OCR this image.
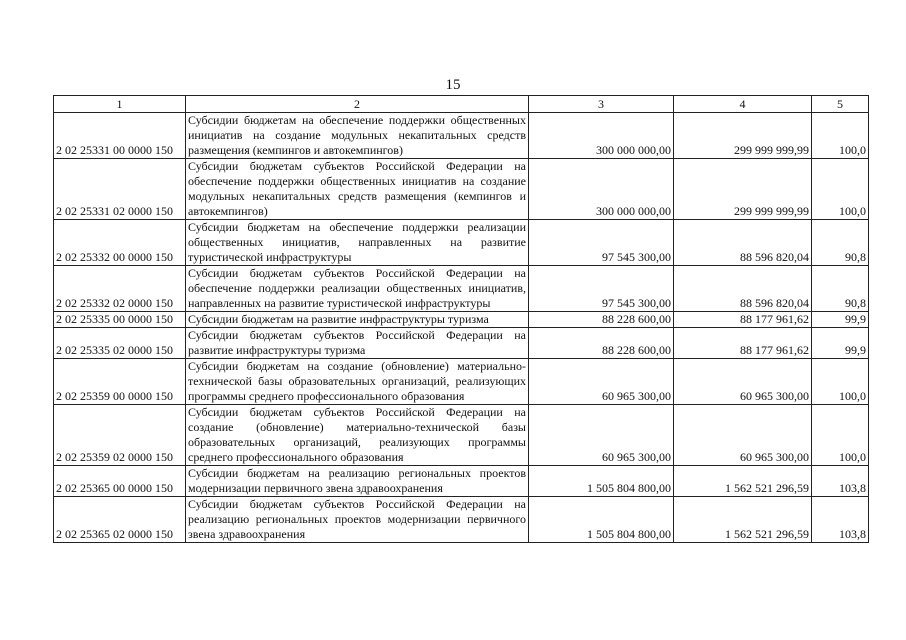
15
1	2	3	4	5
2 02 25331 00 0000 150	Субсидии бюджетам на обеспечение поддержки общественных инициатив на создание модульных некапитальных средств размещения (кемпингов и автокемпингов)	300 000 000,00	299 999 999,99	100,0
2 02 25331 02 0000 150	Субсидии бюджетам субъектов Российской Федерации на обеспечение поддержки общественных инициатив на создание модульных некапитальных средств размещения (кемпингов и автокемпингов)	300 000 000,00	299 999 999,99	100,0
2 02 25332 00 0000 150	Субсидии бюджетам на обеспечение поддержки реализации общественных инициатив, направленных на развитие туристической инфраструктуры	97 545 300,00	88 596 820,04	90,8
2 02 25332 02 0000 150	Субсидии бюджетам субъектов Российской Федерации на обеспечение поддержки реализации общественных инициатив, направленных на развитие туристической инфраструктуры	97 545 300,00	88 596 820,04	90,8
2 02 25335 00 0000 150	Субсидии бюджетам на развитие инфраструктуры туризма	88 228 600,00	88 177 961,62	99,9
2 02 25335 02 0000 150	Субсидии бюджетам субъектов Российской Федерации на развитие инфраструктуры туризма	88 228 600,00	88 177 961,62	99,9
2 02 25359 00 0000 150	Субсидии бюджетам на создание (обновление) материально-технической базы образовательных организаций, реализующих программы среднего профессионального образования	60 965 300,00	60 965 300,00	100,0
2 02 25359 02 0000 150	Субсидии бюджетам субъектов Российской Федерации на создание (обновление) материально-технической базы образовательных организаций, реализующих программы среднего профессионального образования	60 965 300,00	60 965 300,00	100,0
2 02 25365 00 0000 150	Субсидии бюджетам на реализацию региональных проектов модернизации первичного звена здравоохранения	1 505 804 800,00	1 562 521 296,59	103,8
2 02 25365 02 0000 150	Субсидии бюджетам субъектов Российской Федерации на реализацию региональных проектов модернизации первичного звена здравоохранения	1 505 804 800,00	1 562 521 296,59	103,8
